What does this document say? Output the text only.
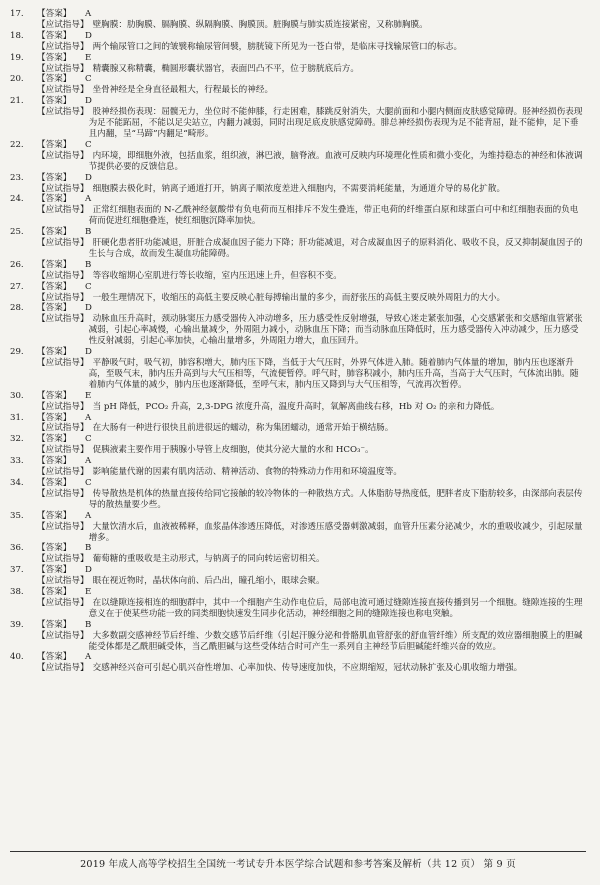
17.	【答案】	A
【应试指导】 壁胸膜：肋胸膜、膈胸膜、纵隔胸膜、胸膜顶。脏胸膜与肺实质连接紧密，又称肺胸膜。
18.	【答案】	D
【应试指导】 两个输尿管口之间的皱襞称输尿管间襞，膀胱镜下所见为一苍白带，是临床寻找输尿管口的标志。
19.	【答案】	E
【应试指导】 精囊腺又称精囊，椭圆形囊状器官，表面凹凸不平，位于膀胱底后方。
20.	【答案】	C
【应试指导】 坐骨神经是全身直径最粗大，行程最长的神经。
21.	【答案】	D
【应试指导】 股神经损伤表现：屈髋无力，坐位时不能伸膝，行走困难，膝跳反射消失，大腿前面和小腿内侧面皮肤感觉障碍。胫神经损伤表现为足不能跖屈，不能以足尖站立，内翻力减弱，同时出现足底皮肤感觉障碍。腓总神经损伤表现为足不能背屈，趾不能伸，足下垂且内翻，呈“马蹄”内翻足“畸形。
22.	【答案】	C
【应试指导】 内环境，即细胞外液，包括血浆，组织液，淋巴液，脑脊液。血液可反映内环境理化性质和微小变化，为维持稳态的神经和体液调节提供必要的反馈信息。
23.	【答案】	D
【应试指导】 细胞膜去极化时，钠离子通道打开，钠离子顺浓度差进入细胞内，不需要消耗能量，为通道介导的易化扩散。
24.	【答案】	A
【应试指导】 正常红细胞表面的 N-乙酰神经氨酸带有负电荷而互相排斥不发生叠连，带正电荷的纤维蛋白原和球蛋白可中和红细胞表面的负电荷而促进红细胞叠连，使红细胞沉降率加快。
25.	【答案】	B
【应试指导】 肝硬化患者肝功能减退，肝脏合成凝血因子能力下降；肝功能减退，对合成凝血因子的原料消化、吸收不良，反又抑制凝血因子的生长与合成，故而发生凝血功能障碍。
26.	【答案】	B
【应试指导】 等容收缩期心室肌进行等长收缩，室内压迅速上升，但容积不变。
27.	【答案】	C
【应试指导】 一般生理情况下，收缩压的高低主要反映心脏每搏输出量的多少，而舒张压的高低主要反映外周阻力的大小。
28.	【答案】	D
【应试指导】 动脉血压升高时，颈动脉窦压力感受器传入冲动增多，压力感受性反射增强，导致心迷走紧张加强，心交感紧张和交感缩血管紧张减弱，引起心率减慢，心输出量减少，外周阻力减小，动脉血压下降；而当动脉血压降低时，压力感受器传入冲动减少，压力感受性反射减弱，引起心率加快，心输出量增多，外周阻力增大，血压回升。
29.	【答案】	D
【应试指导】 平静吸气时，吸气初，肺容积增大，肺内压下降，当低于大气压时，外界气体进入肺。随着肺内气体量的增加，肺内压也逐渐升高，至吸气末，肺内压升高到与大气压相等，气流便暂停。呼气时，肺容积减小，肺内压升高，当高于大气压时，气体流出肺。随着肺内气体量的减少，肺内压也逐渐降低，至呼气末，肺内压又降到与大气压相等，气流再次暂停。
30.	【答案】	E
【应试指导】 当 pH 降低，PCO₂ 升高，2,3-DPG 浓度升高，温度升高时，氧解离曲线右移，Hb 对 O₂ 的亲和力降低。
31.	【答案】	A
【应试指导】 在大肠有一种进行很快且前进很远的蠕动，称为集团蠕动，通常开始于横结肠。
32.	【答案】	C
【应试指导】 促胰液素主要作用于胰腺小导管上皮细胞，使其分泌大量的水和 HCO₃⁻。
33.	【答案】	A
【应试指导】 影响能量代谢的因素有肌肉活动、精神活动、食物的特殊动力作用和环境温度等。
34.	【答案】	C
【应试指导】 传导散热是机体的热量直接传给同它接触的较冷物体的一种散热方式。人体脂肪导热度低，肥胖者皮下脂肪较多，由深部向表层传导的散热量要少些。
35.	【答案】	A
【应试指导】 大量饮清水后，血液被稀释，血浆晶体渗透压降低，对渗透压感受器刺激减弱，血管升压素分泌减少，水的重吸收减少，引起尿量增多。
36.	【答案】	B
【应试指导】 葡萄糖的重吸收是主动形式，与钠离子的同向转运密切相关。
37.	【答案】	D
【应试指导】 眼在视近物时，晶状体向前、后凸出，瞳孔缩小，眼球会聚。
38.	【答案】	E
【应试指导】 在以缝隙连接相连的细胞群中，其中一个细胞产生动作电位后，局部电流可通过缝隙连接直接传播到另一个细胞。缝隙连接的生理意义在于使某些功能一致的同类细胞快速发生同步化活动，神经细胞之间的缝隙连接也称电突触。
39.	【答案】	B
【应试指导】 大多数副交感神经节后纤维、少数交感节后纤维（引起汗腺分泌和骨骼肌血管舒张的舒血管纤维）所支配的效应器细胞膜上的胆碱能受体都是乙酰胆碱受体，当乙酰胆碱与这些受体结合时可产生一系列自主神经节后胆碱能纤维兴奋的效应。
40.	【答案】	A
【应试指导】 交感神经兴奋可引起心肌兴奋性增加、心率加快、传导速度加快，不应期缩短，冠状动脉扩张及心肌收缩力增强。
2019 年成人高等学校招生全国统一考试专升本医学综合试题和参考答案及解析（共 12 页） 第 9 页
